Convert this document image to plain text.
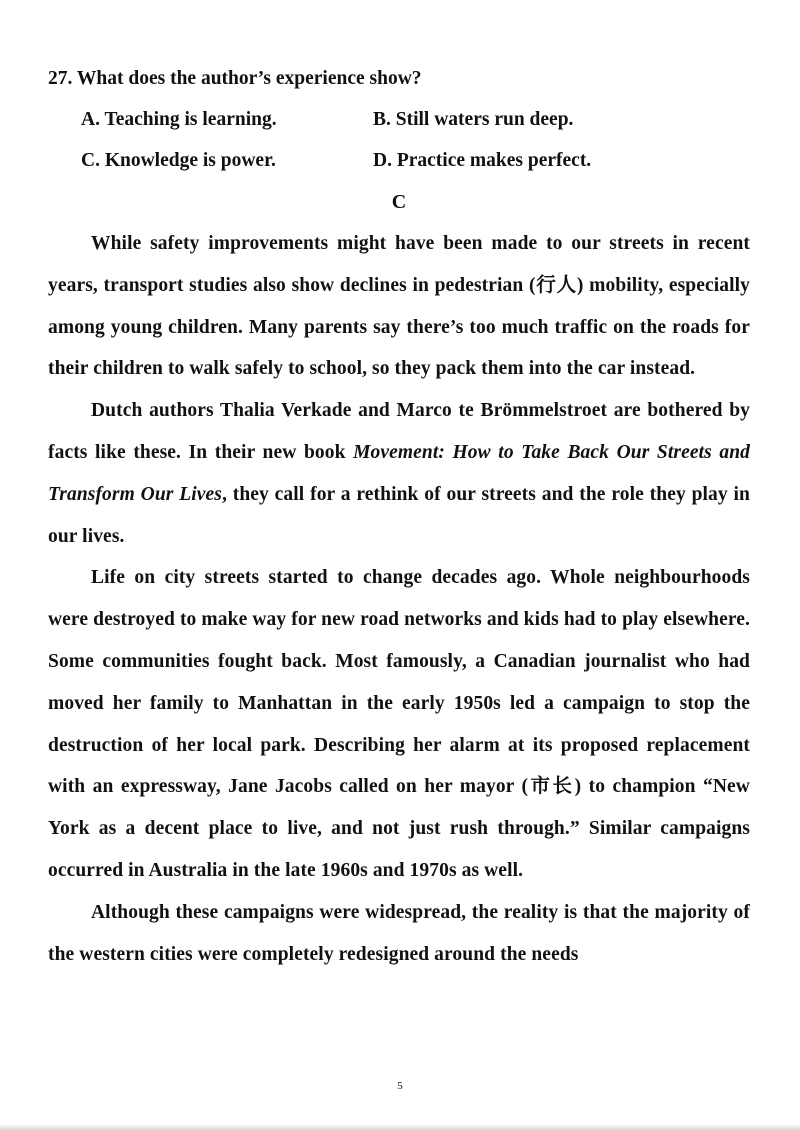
27. What does the author’s experience show?

A. Teaching is learning.	B. Still waters run deep.
C. Knowledge is power.	D. Practice makes perfect.
C

While safety improvements might have been made to our streets in recent years, transport studies also show declines in pedestrian (行人) mobility, especially among young children. Many parents say there’s too much traffic on the roads for their children to walk safely to school, so they pack them into the car instead.

Dutch authors Thalia Verkade and Marco te Brömmelstroet are bothered by facts like these. In their new book Movement: How to Take Back Our Streets and Transform Our Lives, they call for a rethink of our streets and the role they play in our lives.

Life on city streets started to change decades ago. Whole neighbourhoods were destroyed to make way for new road networks and kids had to play elsewhere. Some communities fought back. Most famously, a Canadian journalist who had moved her family to Manhattan in the early 1950s led a campaign to stop the destruction of her local park. Describing her alarm at its proposed replacement with an expressway, Jane Jacobs called on her mayor (市长) to champion “New York as a decent place to live, and not just rush through.” Similar campaigns occurred in Australia in the late 1960s and 1970s as well.

Although these campaigns were widespread, the reality is that the majority of the western cities were completely redesigned around the needs

5
